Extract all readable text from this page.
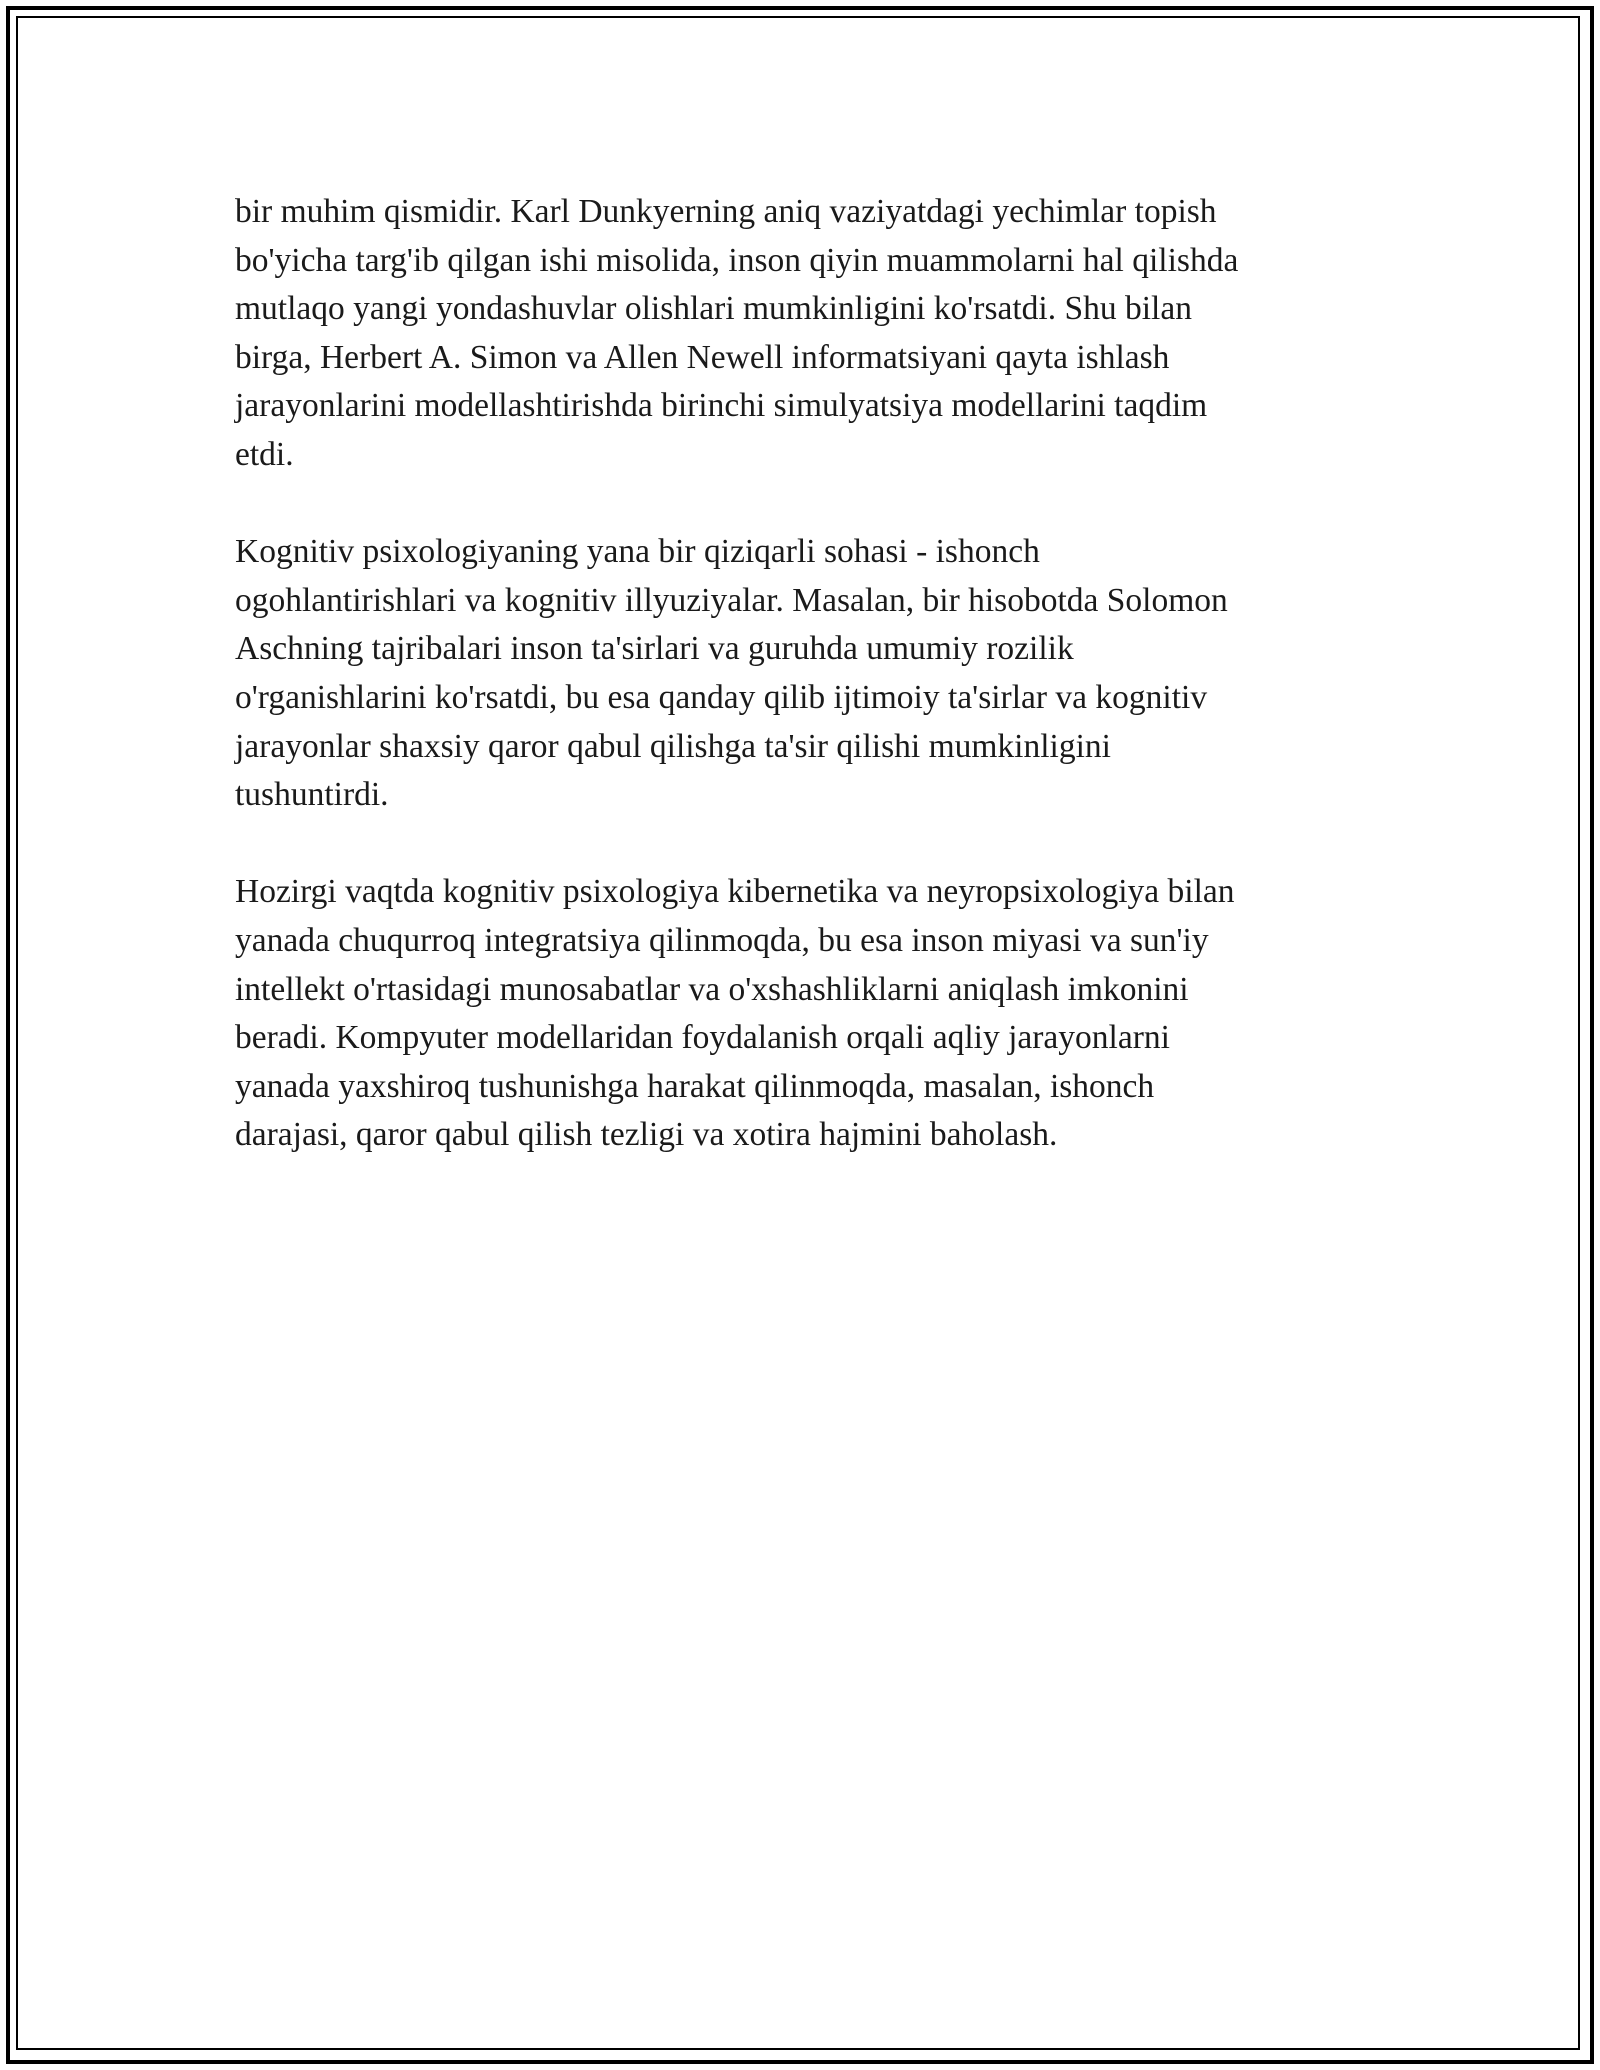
bir muhim qismidir. Karl Dunkyerning aniq vaziyatdagi yechimlar topish
bo'yicha targ'ib qilgan ishi misolida, inson qiyin muammolarni hal qilishda
mutlaqo yangi yondashuvlar olishlari mumkinligini ko'rsatdi. Shu bilan
birga, Herbert A. Simon va Allen Newell informatsiyani qayta ishlash
jarayonlarini modellashtirishda birinchi simulyatsiya modellarini taqdim
etdi.

Kognitiv psixologiyaning yana bir qiziqarli sohasi - ishonch
ogohlantirishlari va kognitiv illyuziyalar. Masalan, bir hisobotda Solomon
Aschning tajribalari inson ta'sirlari va guruhda umumiy rozilik
o'rganishlarini ko'rsatdi, bu esa qanday qilib ijtimoiy ta'sirlar va kognitiv
jarayonlar shaxsiy qaror qabul qilishga ta'sir qilishi mumkinligini
tushuntirdi.

Hozirgi vaqtda kognitiv psixologiya kibernetika va neyropsixologiya bilan
yanada chuqurroq integratsiya qilinmoqda, bu esa inson miyasi va sun'iy
intellekt o'rtasidagi munosabatlar va o'xshashliklarni aniqlash imkonini
beradi. Kompyuter modellaridan foydalanish orqali aqliy jarayonlarni
yanada yaxshiroq tushunishga harakat qilinmoqda, masalan, ishonch
darajasi, qaror qabul qilish tezligi va xotira hajmini baholash.
